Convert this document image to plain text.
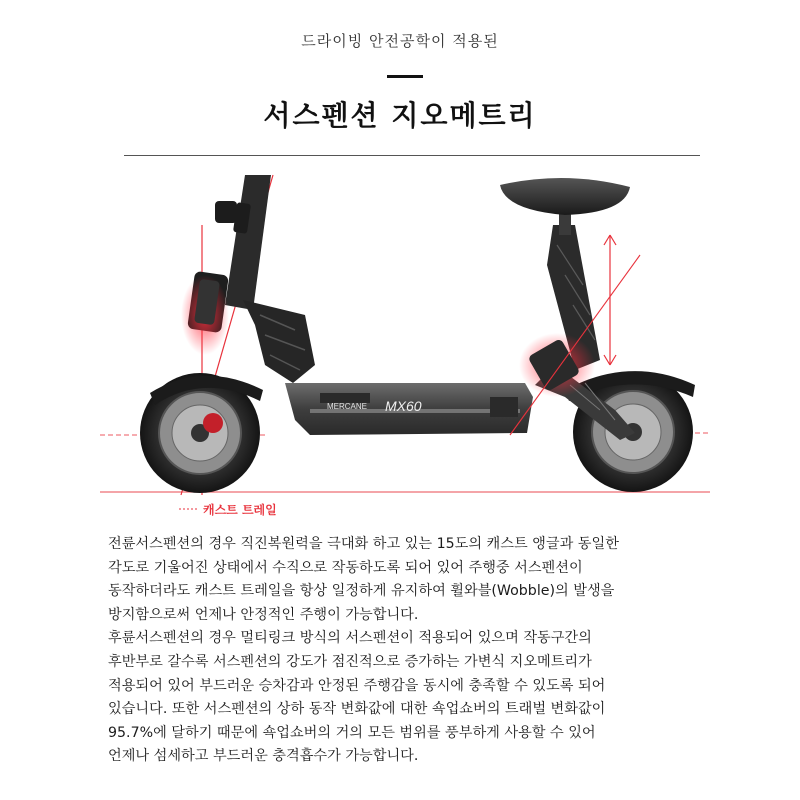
드라이빙 안전공학이 적용된
서스펜션 지오메트리
MERCANE MX60
캐스트 트레일
전륜서스펜션의 경우 직진복원력을 극대화 하고 있는 15도의 캐스트 앵글과 동일한
각도로 기울어진 상태에서 수직으로 작동하도록 되어 있어 주행중 서스펜션이
동작하더라도 캐스트 트레일을 항상 일정하게 유지하여 휠와블(Wobble)의 발생을
방지함으로써 언제나 안정적인 주행이 가능합니다.
후륜서스펜션의 경우 멀티링크 방식의 서스펜션이 적용되어 있으며 작동구간의
후반부로 갈수록 서스펜션의 강도가 점진적으로 증가하는 가변식 지오메트리가
적용되어 있어 부드러운 승차감과 안정된 주행감을 동시에 충족할 수 있도록 되어
있습니다. 또한 서스펜션의 상하 동작 변화값에 대한 쇽업쇼버의 트래벌 변화값이
95.7%에 달하기 때문에 쇽업쇼버의 거의 모든 범위를 풍부하게 사용할 수 있어
언제나 섬세하고 부드러운 충격흡수가 가능합니다.
